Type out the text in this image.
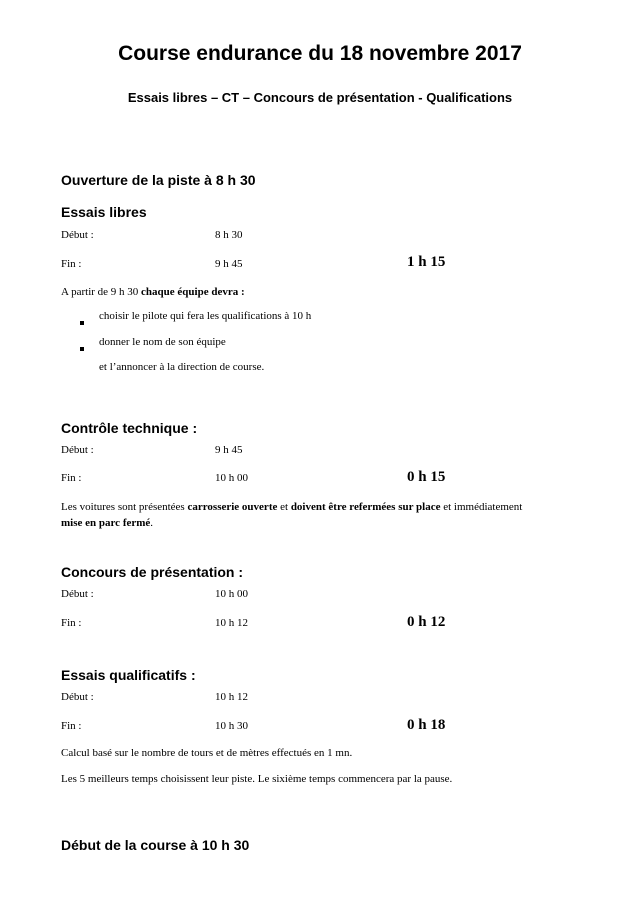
Course endurance du 18 novembre 2017
Essais libres – CT – Concours de présentation - Qualifications
Ouverture de la piste à 8 h 30
Essais libres
Début :	8 h 30
Fin :	9 h 45	1 h 15
A partir de 9 h 30 chaque équipe devra :
choisir le pilote qui fera les qualifications à 10 h
donner le nom de son équipe
et l’annoncer à la direction de course.
Contrôle technique :
Début :	9 h 45
Fin :	10 h 00	0 h 15
Les voitures sont présentées carrosserie ouverte et doivent être refermées sur place et immédiatement mise en parc fermé.
Concours de présentation :
Début :	10 h 00
Fin :	10 h 12	0 h 12
Essais qualificatifs :
Début :	10 h 12
Fin :	10 h 30	0 h 18
Calcul basé sur le nombre de tours et de mètres effectués en 1 mn.
Les 5 meilleurs temps choisissent leur piste. Le sixième temps commencera par la pause.
Début de la course à 10 h 30
